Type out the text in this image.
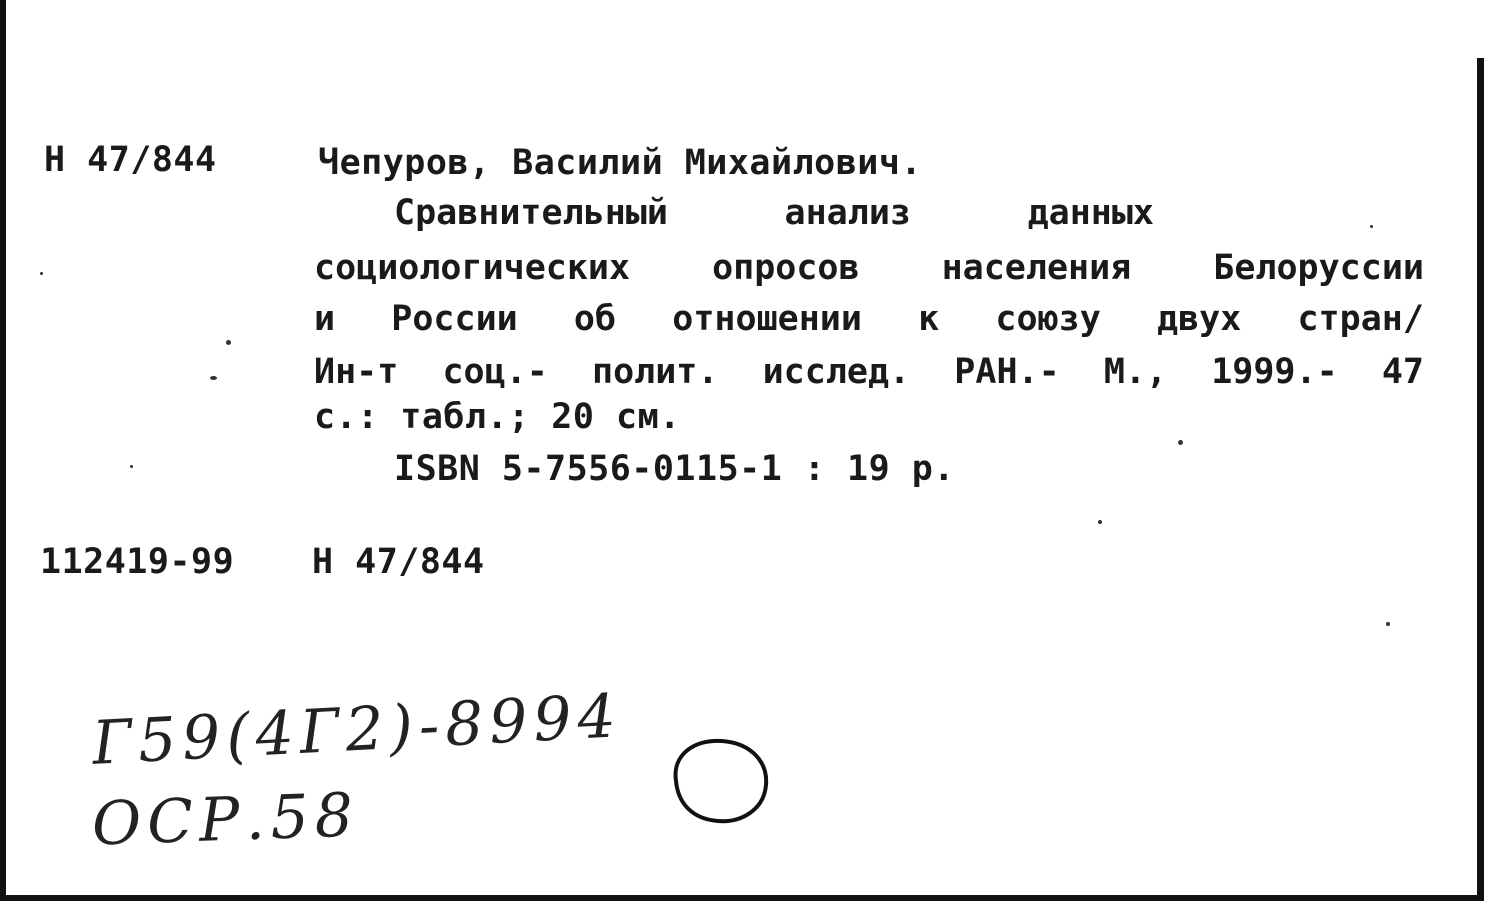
Н 47/844	Чепуров, Василий Михайлович.
Сравнительный	анализ	данных
социологических опросов населения Белоруссии
и России об отношении к союзу двух стран/
Ин-т соц.- полит. исслед. РАН.- М., 1999.- 47
с.: табл.; 20 см.
ISBN 5-7556-0115-1 : 19 р.
112419-99 Н 47/844
Г59(4Г2)-8994
ОСР.58
